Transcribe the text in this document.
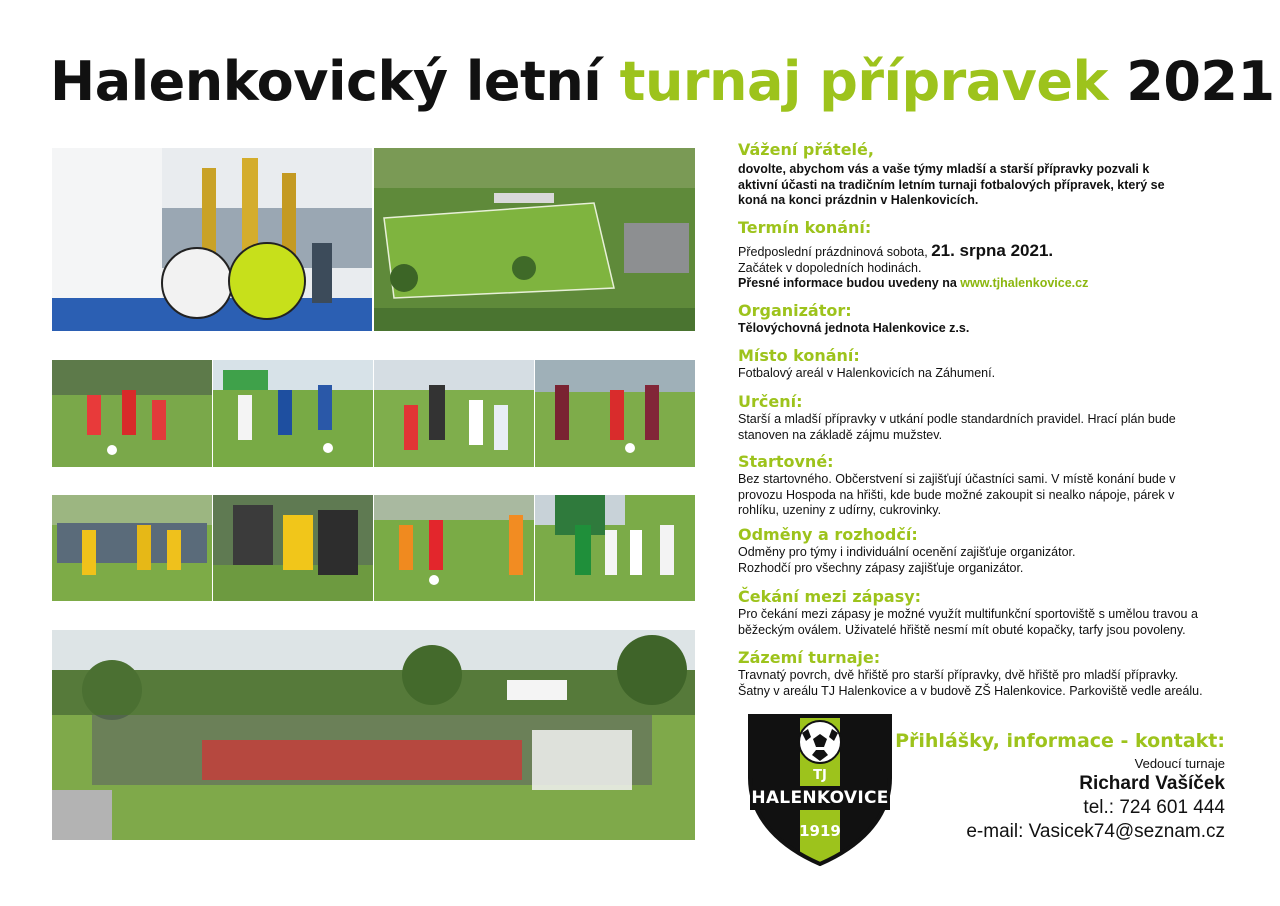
Halenkovický letní turnaj přípravek 2021
Vážení přátelé,
dovolte, abychom vás a vaše týmy mladší a starší přípravky pozvali k aktivní účasti na tradičním letním turnaji fotbalových přípravek, který se koná na konci prázdnin v Halenkovicích.
Termín konání:
Předposlední prázdninová sobota, 21. srpna 2021.
Začátek v dopoledních hodinách.
Přesné informace budou uvedeny na www.tjhalenkovice.cz
Organizátor:
Tělovýchovná jednota Halenkovice z.s.
Místo konání:
Fotbalový areál v Halenkovicích na Záhumení.
Určení:
Starší a mladší přípravky v utkání podle standardních pravidel. Hrací plán bude stanoven na základě zájmu mužstev.
Startovné:
Bez startovného. Občerstvení si zajišťují účastníci sami. V místě konání bude v provozu Hospoda na hřišti, kde bude možné zakoupit si nealko nápoje, párek v rohlíku, uzeniny z udírny, cukrovinky.
Odměny a rozhodčí:
Odměny pro týmy i individuální ocenění zajišťuje organizátor.
Rozhodčí pro všechny zápasy zajišťuje organizátor.
Čekání mezi zápasy:
Pro čekání mezi zápasy je možné využít multifunkční sportoviště s umělou travou a běžeckým oválem. Uživatelé hřiště nesmí mít obuté kopačky, tarfy jsou povoleny.
Zázemí turnaje:
Travnatý povrch, dvě hřiště pro starší přípravky, dvě hřiště pro mladší přípravky.
Šatny v areálu TJ Halenkovice a v budově ZŠ Halenkovice. Parkoviště vedle areálu.
TJ
HALENKOVICE
1919
Přihlášky, informace - kontakt:
Vedoucí turnaje
Richard Vašíček
tel.: 724 601 444
e-mail: Vasicek74@seznam.cz
